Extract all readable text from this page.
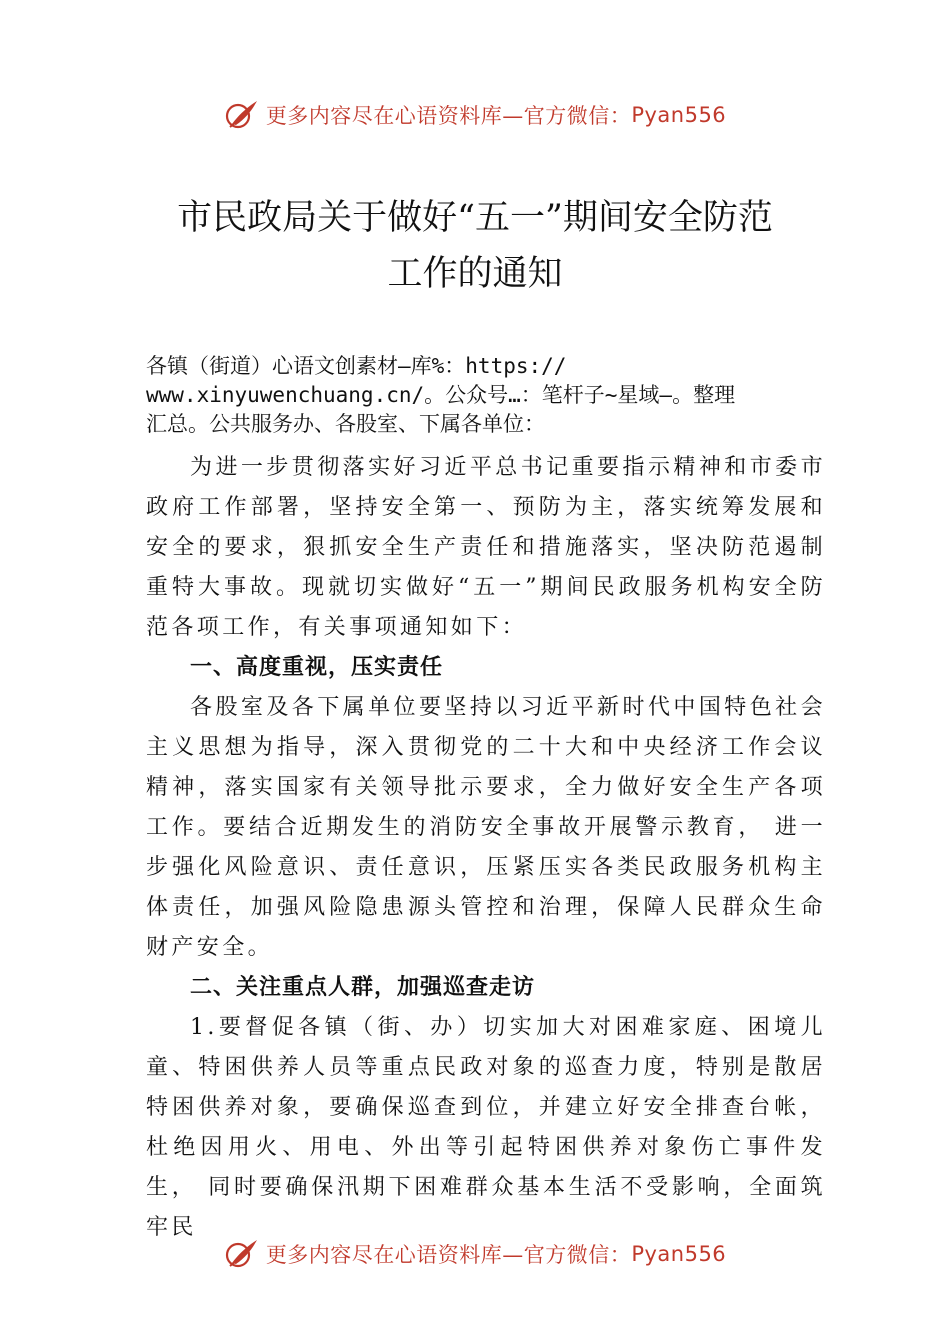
更多内容尽在心语资料库—官方微信： Pyan556
市民政局关于做好“五一”期间安全防范
工作的通知
各镇（街道）心语文创素材—库%：https://
www.xinyuwenchuang.cn/。公众号…：笔杆子~星域—。整理
汇总。公共服务办、各股室、下属各单位：

为进一步贯彻落实好习近平总书记重要指示精神和市委市政府工作部署，坚持安全第一、预防为主，落实统筹发展和安全的要求，狠抓安全生产责任和措施落实，坚决防范遏制重特大事故。现就切实做好“五一”期间民政服务机构安全防范各项工作，有关事项通知如下：

一、高度重视，压实责任

各股室及各下属单位要坚持以习近平新时代中国特色社会主义思想为指导，深入贯彻党的二十大和中央经济工作会议精神，落实国家有关领导批示要求，全力做好安全生产各项工作。要结合近期发生的消防安全事故开展警示教育， 进一步强化风险意识、责任意识，压紧压实各类民政服务机构主体责任，加强风险隐患源头管控和治理，保障人民群众生命财产安全。

二、关注重点人群，加强巡查走访

1.要督促各镇（街、办）切实加大对困难家庭、困境儿童、特困供养人员等重点民政对象的巡查力度，特别是散居特困供养对象，要确保巡查到位，并建立好安全排查台帐， 杜绝因用火、用电、外出等引起特困供养对象伤亡事件发生， 同时要确保汛期下困难群众基本生活不受影响，全面筑牢民

更多内容尽在心语资料库—官方微信： Pyan556
